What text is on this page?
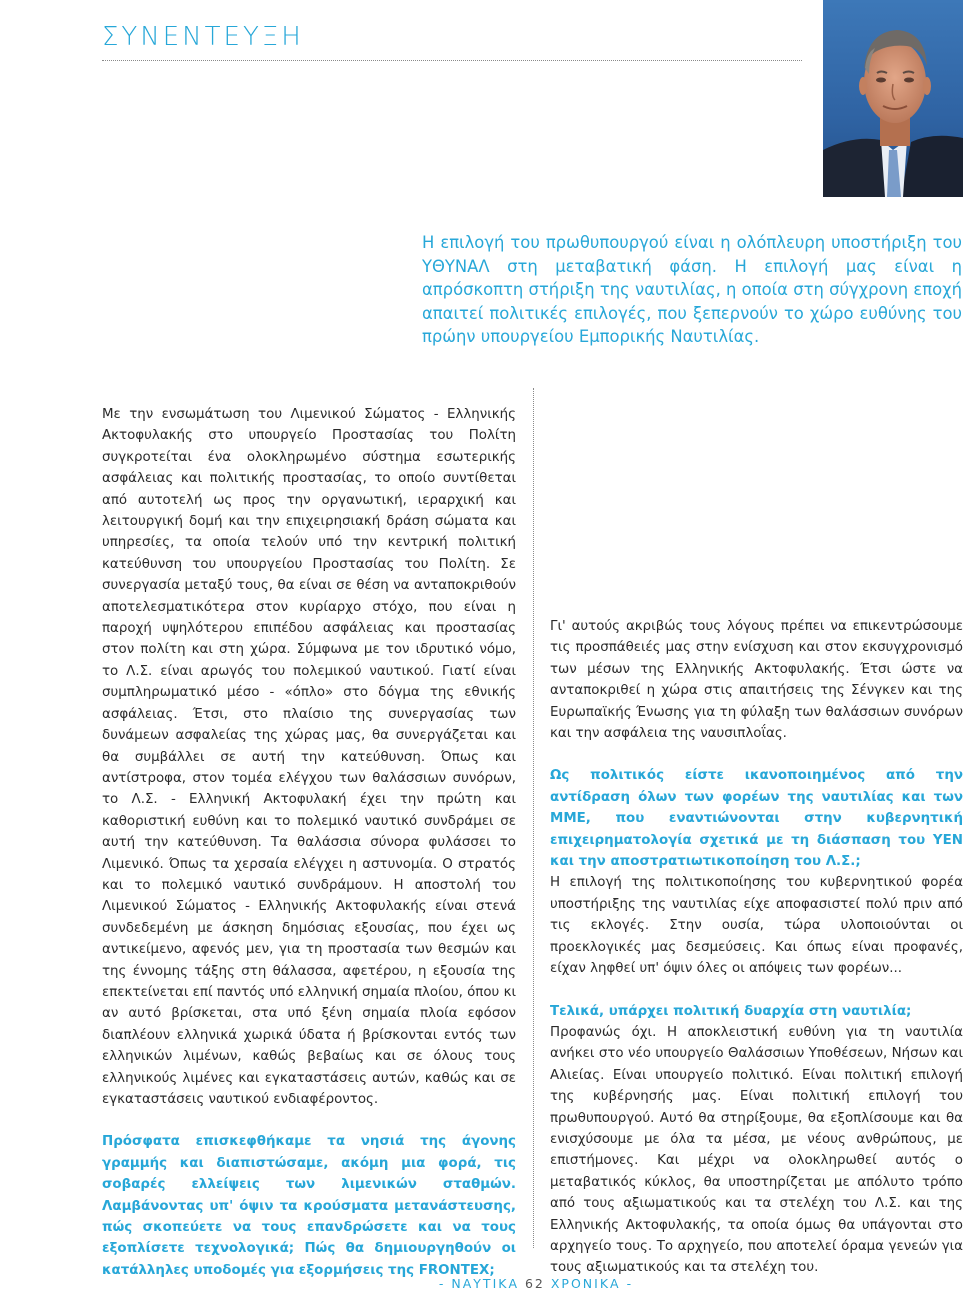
ΣΥΝΕΝΤΕΥΞΗ

Η επιλογή του πρωθυπουργού είναι η ολόπλευρη υποστήριξη του ΥΘΥΝΑΛ στη μεταβατική φάση. Η επιλογή μας είναι η απρόσκοπτη στήριξη της ναυτιλίας, η οποία στη σύγχρονη εποχή απαιτεί πολιτικές επιλογές, που ξεπερνούν το χώρο ευθύνης του πρώην υπουργείου Εμπορικής Ναυτιλίας.

Με την ενσωμάτωση του Λιμενικού Σώματος - Ελληνικής Ακτοφυλακής στο υπουργείο Προστασίας του Πολίτη συγκροτείται ένα ολοκληρωμένο σύστημα εσωτερικής ασφάλειας και πολιτικής προστασίας, το οποίο συντίθεται από αυτοτελή ως προς την οργανωτική, ιεραρχική και λειτουργική δομή και την επιχειρησιακή δράση σώματα και υπηρεσίες, τα οποία τελούν υπό την κεντρική πολιτική κατεύθυνση του υπουργείου Προστασίας του Πολίτη. Σε συνεργασία μεταξύ τους, θα είναι σε θέση να ανταποκριθούν αποτελεσματικότερα στον κυρίαρχο στόχο, που είναι η παροχή υψηλότερου επιπέδου ασφάλειας και προστασίας στον πολίτη και στη χώρα. Σύμφωνα με τον ιδρυτικό νόμο, το Λ.Σ. είναι αρωγός του πολεμικού ναυτικού. Γιατί είναι συμπληρωματικό μέσο - «όπλο» στο δόγμα της εθνικής ασφάλειας. Έτσι, στο πλαίσιο της συνεργασίας των δυνάμεων ασφαλείας της χώρας μας, θα συνεργάζεται και θα συμβάλλει σε αυτή την κατεύθυνση. Όπως και αντίστροφα, στον τομέα ελέγχου των θαλάσσιων συνόρων, το Λ.Σ. - Ελληνική Ακτοφυλακή έχει την πρώτη και καθοριστική ευθύνη και το πολεμικό ναυτικό συνδράμει σε αυτή την κατεύθυνση. Τα θαλάσσια σύνορα φυλάσσει το Λιμενικό. Όπως τα χερσαία ελέγχει η αστυνομία. Ο στρατός και το πολεμικό ναυτικό συνδράμουν. Η αποστολή του Λιμενικού Σώματος - Ελληνικής Ακτοφυλακής είναι στενά συνδεδεμένη με άσκηση δημόσιας εξουσίας, που έχει ως αντικείμενο, αφενός μεν, για τη προστασία των θεσμών και της έννομης τάξης στη θάλασσα, αφετέρου, η εξουσία της επεκτείνεται επί παντός υπό ελληνική σημαία πλοίου, όπου κι αν αυτό βρίσκεται, στα υπό ξένη σημαία πλοία εφόσον διαπλέουν ελληνικά χωρικά ύδατα ή βρίσκονται εντός των ελληνικών λιμένων, καθώς βεβαίως και σε όλους τους ελληνικούς λιμένες και εγκαταστάσεις αυτών, καθώς και σε εγκαταστάσεις ναυτικού ενδιαφέροντος.

Πρόσφατα επισκεφθήκαμε τα νησιά της άγονης γραμμής και διαπιστώσαμε, ακόμη μια φορά, τις σοβαρές ελλείψεις των λιμενικών σταθμών. Λαμβάνοντας υπ' όψιν τα κρούσματα μετανάστευσης, πώς σκοπεύετε να τους επανδρώσετε και να τους εξοπλίσετε τεχνολογικά; Πώς θα δημιουργηθούν οι κατάλληλες υποδομές για εξορμήσεις της FRONTEX;

Γι' αυτούς ακριβώς τους λόγους πρέπει να επικεντρώσουμε τις προσπάθειές μας στην ενίσχυση και στον εκσυγχρονισμό των μέσων της Ελληνικής Ακτοφυλακής. Έτσι ώστε να ανταποκριθεί η χώρα στις απαιτήσεις της Σένγκεν και της Ευρωπαϊκής Ένωσης για τη φύλαξη των θαλάσσιων συνόρων και την ασφάλεια της ναυσιπλοΐας.

Ως πολιτικός είστε ικανοποιημένος από την αντίδραση όλων των φορέων της ναυτιλίας και των ΜΜΕ, που εναντιώνονται στην κυβερνητική επιχειρηματολογία σχετικά με τη διάσπαση του ΥΕΝ και την αποστρατιωτικοποίηση του Λ.Σ.;

Η επιλογή της πολιτικοποίησης του κυβερνητικού φορέα υποστήριξης της ναυτιλίας είχε αποφασιστεί πολύ πριν από τις εκλογές. Στην ουσία, τώρα υλοποιούνται οι προεκλογικές μας δεσμεύσεις. Και όπως είναι προφανές, είχαν ληφθεί υπ' όψιν όλες οι απόψεις των φορέων...

Τελικά, υπάρχει πολιτική δυαρχία στη ναυτιλία;

Προφανώς όχι. Η αποκλειστική ευθύνη για τη ναυτιλία ανήκει στο νέο υπουργείο Θαλάσσιων Υποθέσεων, Νήσων και Αλιείας. Είναι υπουργείο πολιτικό. Είναι πολιτική επιλογή της κυβέρνησής μας. Είναι πολιτική επιλογή του πρωθυπουργού. Αυτό θα στηρίξουμε, θα εξοπλίσουμε και θα ενισχύσουμε με όλα τα μέσα, με νέους ανθρώπους, με επιστήμονες. Και μέχρι να ολοκληρωθεί αυτός ο μεταβατικός κύκλος, θα υποστηρίζεται με απόλυτο τρόπο από τους αξιωματικούς και τα στελέχη του Λ.Σ. και της Ελληνικής Ακτοφυλακής, τα οποία όμως θα υπάγονται στο αρχηγείο τους. Το αρχηγείο, που αποτελεί όραμα γενεών για τους αξιωματικούς και τα στελέχη του.

- ΝΑΥΤΙΚΑ 62 ΧΡΟΝΙΚΑ -
